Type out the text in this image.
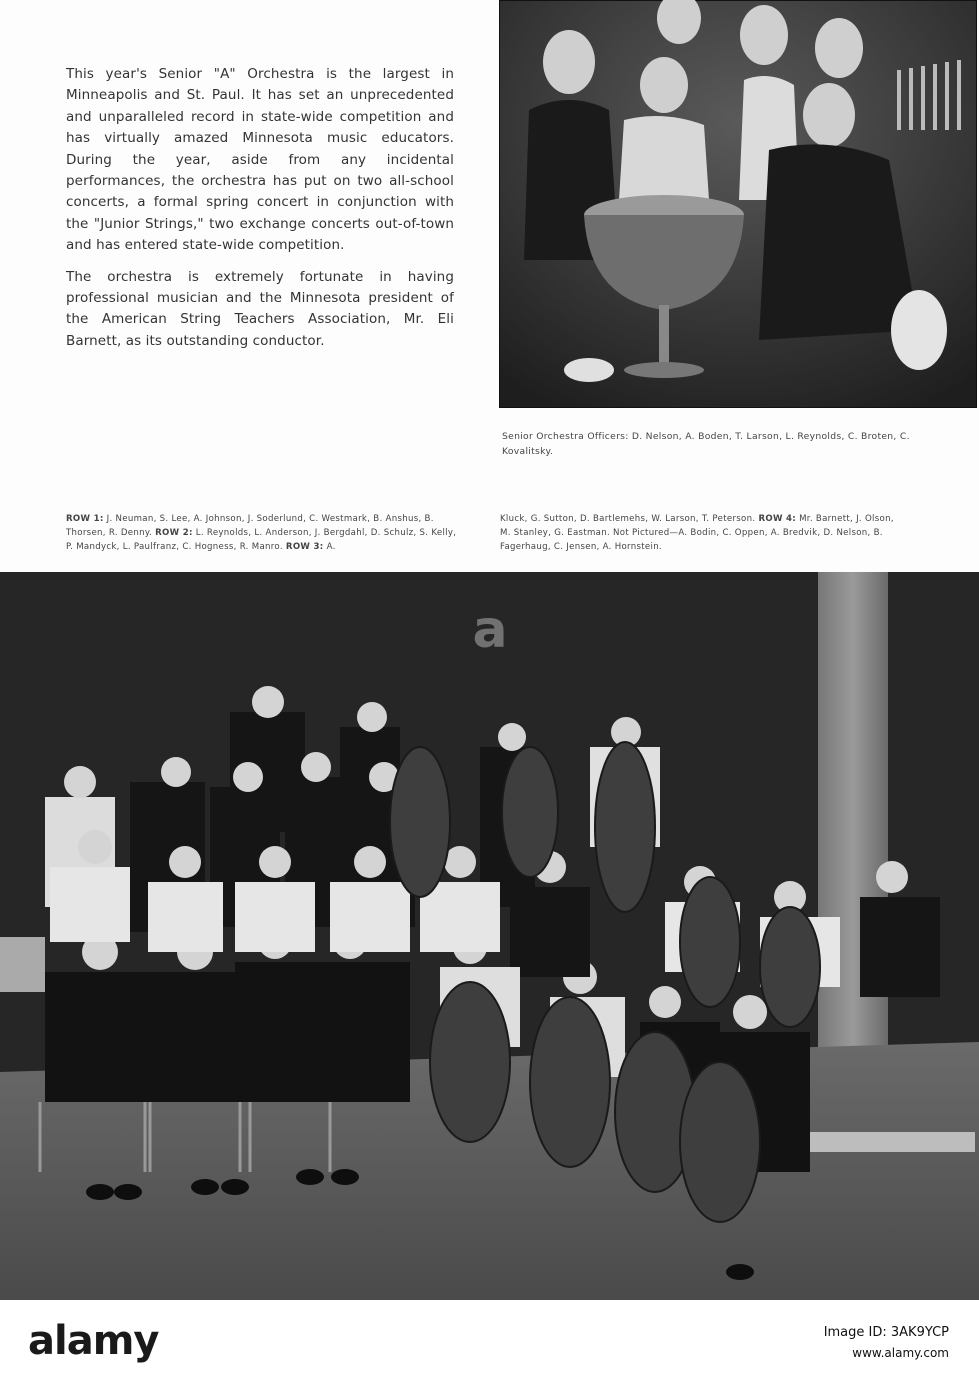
This year's Senior "A" Orchestra is the largest in Minneapolis and St. Paul. It has set an unprecedented and unparalleled record in state-wide competition and has virtually amazed Minnesota music educators. During the year, aside from any incidental performances, the orchestra has put on two all-school concerts, a formal spring concert in conjunction with the "Junior Strings," two exchange concerts out-of-town and has entered state-wide competition.

The orchestra is extremely fortunate in having professional musician and the Minnesota president of the American String Teachers Association, Mr. Eli Barnett, as its outstanding conductor.

Senior Orchestra Officers: D. Nelson, A. Boden, T. Larson, L. Reynolds, C. Broten, C. Kovalitsky.
ROW 1: J. Neuman, S. Lee, A. Johnson, J. Soderlund, C. Westmark, B. Anshus, B. Thorsen, R. Denny. ROW 2: L. Reynolds, L. Anderson, J. Bergdahl, D. Schulz, S. Kelly, P. Mandyck, L. Paulfranz, C. Hogness, R. Manro. ROW 3: A.
Kluck, G. Sutton, D. Bartlemehs, W. Larson, T. Peterson. ROW 4: Mr. Barnett, J. Olson, M. Stanley, G. Eastman. Not Pictured—A. Bodin, C. Oppen, A. Bredvik, D. Nelson, B. Fagerhaug, C. Jensen, A. Hornstein.
a
alamy	Image ID: 3AK9YCP
www.alamy.com
